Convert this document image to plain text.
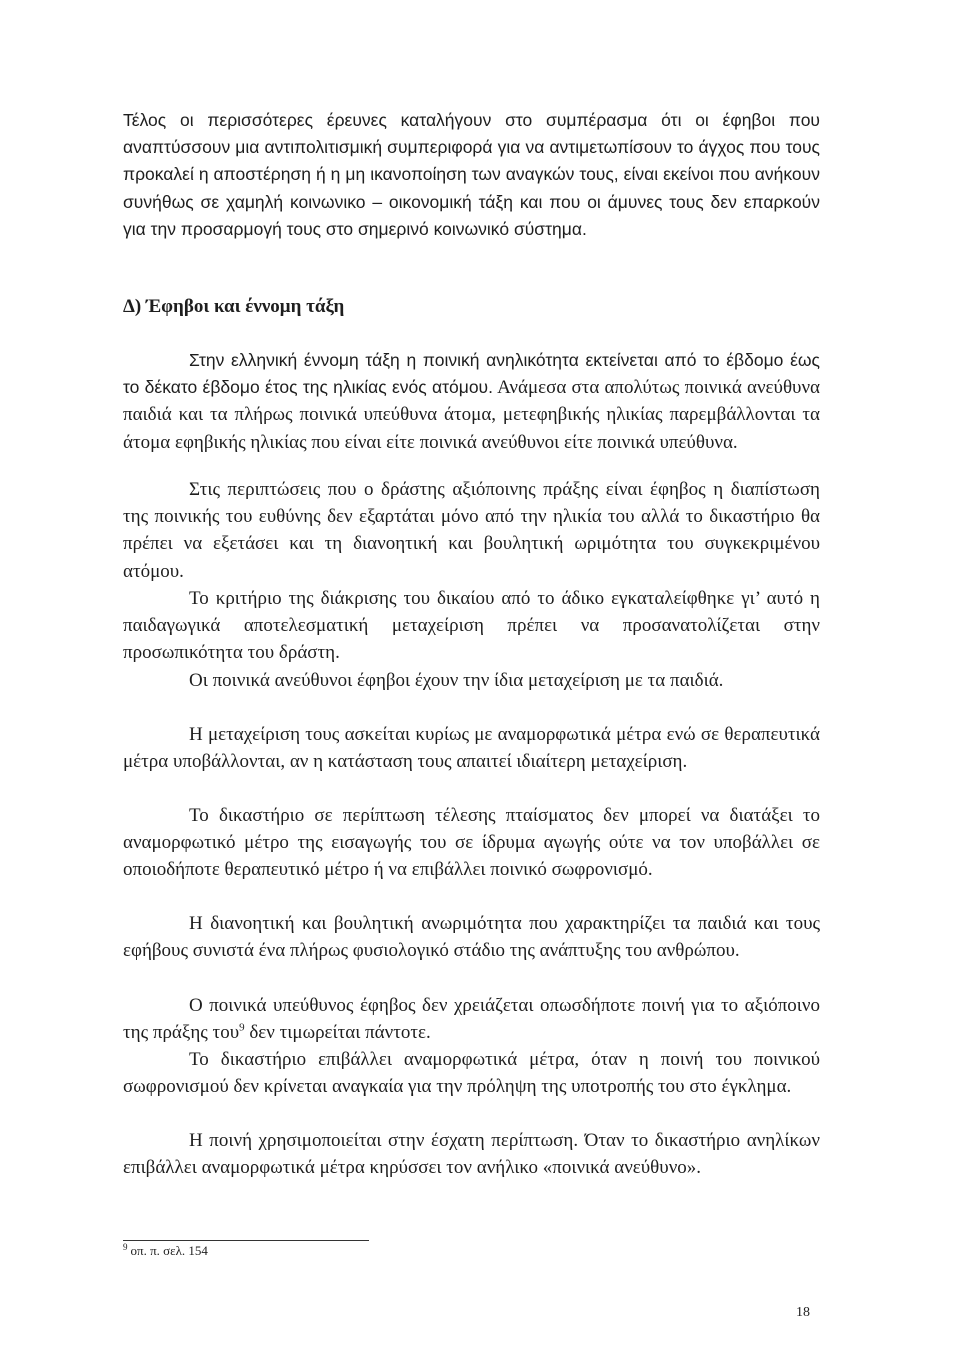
Τέλος οι περισσότερες έρευνες καταλήγουν στο συμπέρασμα ότι οι έφηβοι που αναπτύσσουν μια αντιπολιτισμική συμπεριφορά για να αντιμετωπίσουν το άγχος που τους προκαλεί η αποστέρηση ή η μη ικανοποίηση των αναγκών τους, είναι εκείνοι που ανήκουν συνήθως σε χαμηλή κοινωνικο – οικονομική τάξη και που οι άμυνες τους δεν επαρκούν για την προσαρμογή τους στο σημερινό κοινωνικό σύστημα.

Δ) Έφηβοι και έννομη τάξη

Στην ελληνική έννομη τάξη η ποινική ανηλικότητα εκτείνεται από το έβδομο έως το δέκατο έβδομο έτος της ηλικίας ενός ατόμου. Ανάμεσα στα απολύτως ποινικά ανεύθυνα παιδιά και τα πλήρως ποινικά υπεύθυνα άτομα, μετεφηβικής ηλικίας παρεμβάλλονται τα άτομα εφηβικής ηλικίας που είναι είτε ποινικά ανεύθυνοι είτε ποινικά υπεύθυνα.

Στις περιπτώσεις που ο δράστης αξιόποινης πράξης είναι έφηβος η διαπίστωση της ποινικής του ευθύνης δεν εξαρτάται μόνο από την ηλικία του αλλά το δικαστήριο θα πρέπει να εξετάσει και τη διανοητική και βουλητική ωριμότητα του συγκεκριμένου ατόμου.

Το κριτήριο της διάκρισης του δικαίου από το άδικο εγκαταλείφθηκε γι’ αυτό η παιδαγωγικά αποτελεσματική μεταχείριση πρέπει να προσανατολίζεται στην προσωπικότητα του δράστη.

Οι ποινικά ανεύθυνοι έφηβοι έχουν την ίδια μεταχείριση με τα παιδιά.

Η μεταχείριση τους ασκείται κυρίως με αναμορφωτικά μέτρα ενώ σε θεραπευτικά μέτρα υποβάλλονται, αν η κατάσταση τους απαιτεί ιδιαίτερη μεταχείριση.

Το δικαστήριο σε περίπτωση τέλεσης πταίσματος δεν μπορεί να διατάξει το αναμορφωτικό μέτρο της εισαγωγής του σε ίδρυμα αγωγής ούτε να τον υποβάλλει σε οποιοδήποτε θεραπευτικό μέτρο ή να επιβάλλει ποινικό σωφρονισμό.

Η διανοητική και βουλητική ανωριμότητα που χαρακτηρίζει τα παιδιά και τους εφήβους συνιστά ένα πλήρως φυσιολογικό στάδιο της ανάπτυξης του ανθρώπου.

Ο ποινικά υπεύθυνος έφηβος δεν χρειάζεται οπωσδήποτε ποινή για το αξιόποινο της πράξης του$^9$ δεν τιμωρείται πάντοτε.

Το δικαστήριο επιβάλλει αναμορφωτικά μέτρα, όταν η ποινή του ποινικού σωφρονισμού δεν κρίνεται αναγκαία για την πρόληψη της υποτροπής του στο έγκλημα.

Η ποινή χρησιμοποιείται στην έσχατη περίπτωση. Όταν το δικαστήριο ανηλίκων επιβάλλει αναμορφωτικά μέτρα κηρύσσει τον ανήλικο «ποινικά ανεύθυνο».

$^9$ οπ. π. σελ. 154

18
